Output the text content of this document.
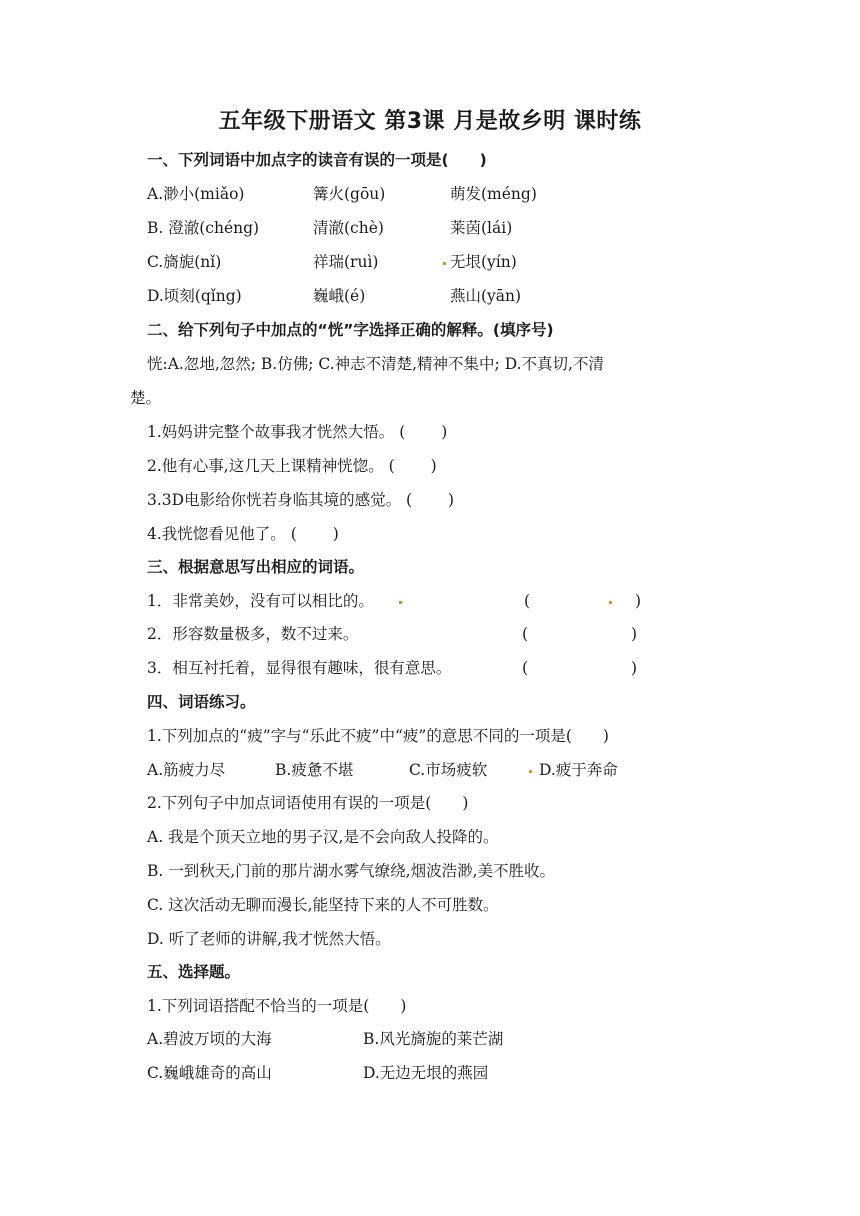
五年级下册语文 第3课 月是故乡明 课时练
一、下列词语中加点字的读音有误的一项是(　　)
A.渺小(miǎo)	篝火(gōu)	萌发(méng)
B. 澄澈(chéng)	清澈(chè)	莱茵(lái)
C.旖旎(nǐ)	祥瑞(ruì)	无垠(yín)
D.顷刻(qǐng)	巍峨(é)	燕山(yān)
二、给下列句子中加点的“恍”字选择正确的解释。(填序号)
恍:A.忽地,忽然; B.仿佛; C.神志不清楚,精神不集中; D.不真切,不清
楚。
1.妈妈讲完整个故事我才恍然大悟。 (　　 )
2.他有心事,这几天上课精神恍惚。 (　　 )
3.3D电影给你恍若身临其境的感觉。 (　　 )
4.我恍惚看见他了。 (　　 )
三、根据意思写出相应的词语。
1．非常美妙，没有可以相比的。	(	)
2．形容数量极多，数不过来。	(	)
3．相互衬托着，显得很有趣味，很有意思。	(	)
四、词语练习。
1.下列加点的“疲”字与“乐此不疲”中“疲”的意思不同的一项是(　　)
A.筋疲力尽	B.疲惫不堪	C.市场疲软	D.疲于奔命
2.下列句子中加点词语使用有误的一项是(　　)
A. 我是个顶天立地的男子汉,是不会向敌人投降的。
B. 一到秋天,门前的那片湖水雾气缭绕,烟波浩渺,美不胜收。
C. 这次活动无聊而漫长,能坚持下来的人不可胜数。
D. 听了老师的讲解,我才恍然大悟。
五、选择题。
1.下列词语搭配不恰当的一项是(　　)
A.碧波万顷的大海	B.风光旖旎的莱芒湖
C.巍峨雄奇的高山	D.无边无垠的燕园
